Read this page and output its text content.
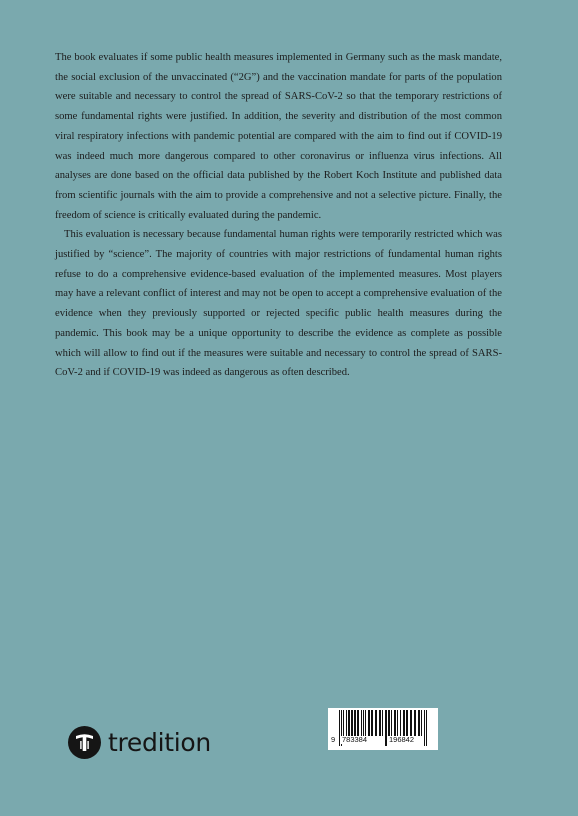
The book evaluates if some public health measures implemented in Germany such as the mask mandate, the social exclusion of the unvaccinated (“2G”) and the vaccination mandate for parts of the population were suitable and necessary to control the spread of SARS-CoV-2 so that the temporary restrictions of some fundamental rights were justified. In addition, the severity and distribution of the most common viral respiratory infections with pandemic potential are compared with the aim to find out if COVID-19 was indeed much more dangerous compared to other coronavirus or influenza virus infections. All analyses are done based on the official data published by the Robert Koch Institute and published data from scientific journals with the aim to provide a comprehensive and not a selective picture. Finally, the freedom of science is critically evaluated during the pandemic.

This evaluation is necessary because fundamental human rights were temporarily restricted which was justified by “science”. The majority of countries with major restrictions of fundamental human rights refuse to do a comprehensive evidence-based evaluation of the implemented measures. Most players may have a relevant conflict of interest and may not be open to accept a comprehensive evaluation of the evidence when they previously supported or rejected specific public health measures during the pandemic. This book may be a unique opportunity to describe the evidence as complete as possible which will allow to find out if the measures were suitable and necessary to control the spread of SARS-CoV-2 and if COVID-19 was indeed as dangerous as often described.

tredition	9 783384	196842
